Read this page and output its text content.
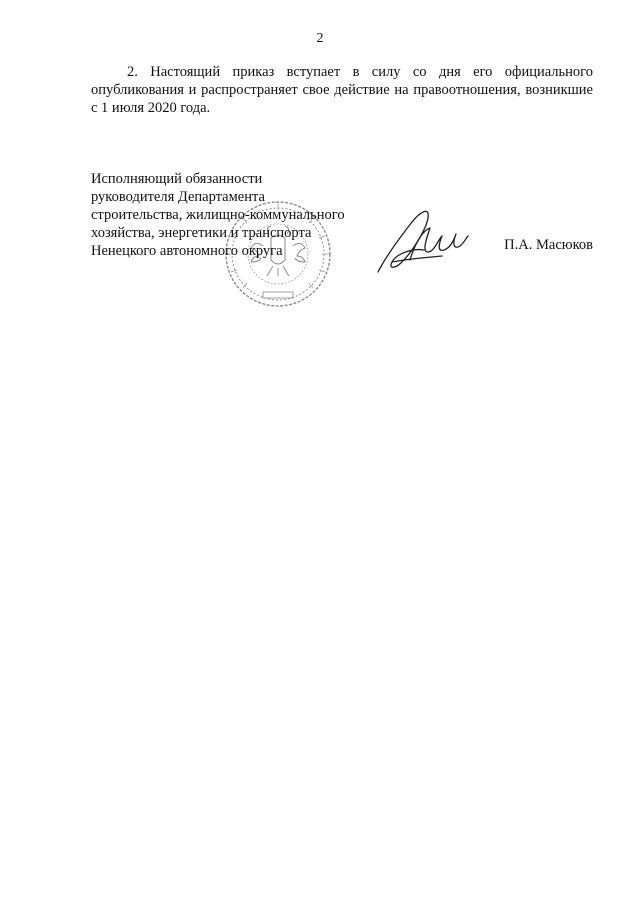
2

2. Настоящий приказ вступает в силу со дня его официального опубликования и распространяет свое действие на правоотношения, возникшие с 1 июля 2020 года.

Исполняющий обязанности
руководителя Департамента
строительства, жилищно-коммунального
хозяйства, энергетики и транспорта
Ненецкого автономного округа	П.А. Масюков
